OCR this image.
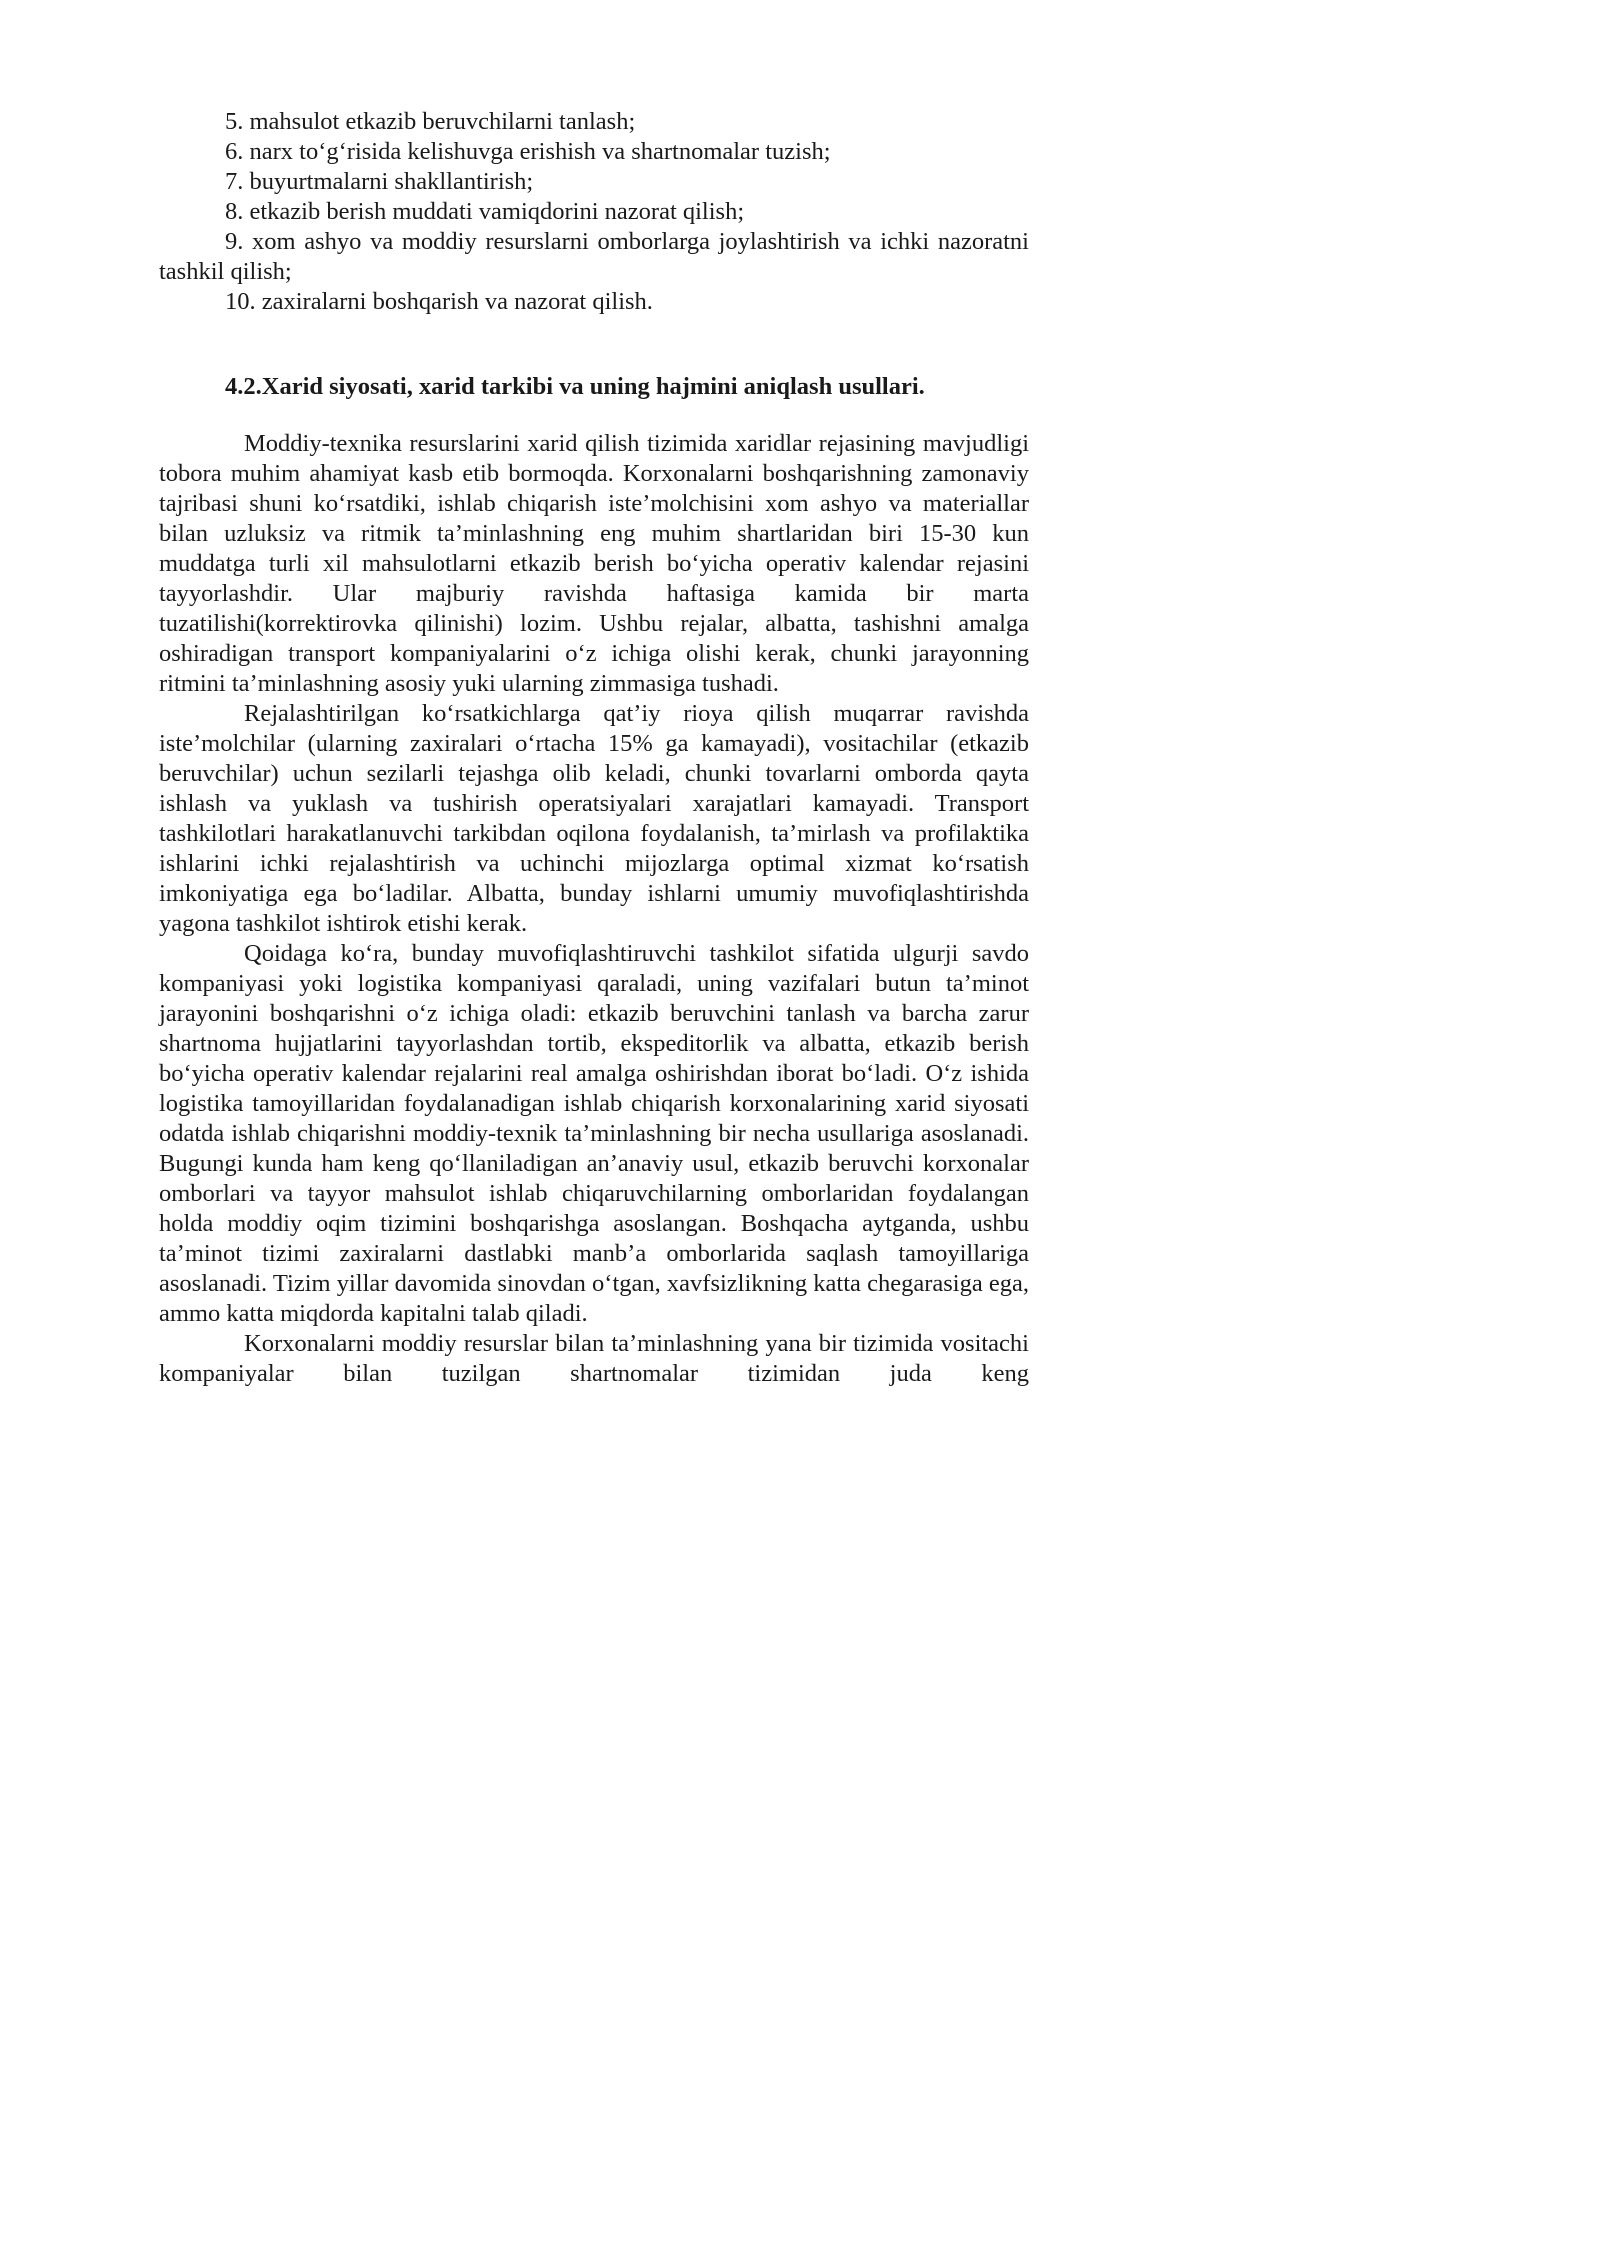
5. mahsulot etkazib beruvchilarni tanlash;

6. narx to‘g‘risida kelishuvga erishish va shartnomalar tuzish;

7. buyurtmalarni shakllantirish;

8. etkazib berish muddati vamiqdorini nazorat qilish;

9. xom ashyo va moddiy resurslarni omborlarga joylashtirish va ichki nazoratni tashkil qilish;

10. zaxiralarni boshqarish va nazorat qilish.

4.2.Xarid siyosati, xarid tarkibi va uning hajmini aniqlash usullari.

Moddiy-texnika resurslarini xarid qilish tizimida xaridlar rejasining mavjudligi tobora muhim ahamiyat kasb etib bormoqda. Korxonalarni boshqarishning zamonaviy tajribasi shuni ko‘rsatdiki, ishlab chiqarish iste’molchisini xom ashyo va materiallar bilan uzluksiz va ritmik ta’minlashning eng muhim shartlaridan biri 15-30 kun muddatga turli xil mahsulotlarni etkazib berish bo‘yicha operativ kalendar rejasini tayyorlashdir. Ular majburiy ravishda haftasiga kamida bir marta tuzatilishi(korrektirovka qilinishi) lozim. Ushbu rejalar, albatta, tashishni amalga oshiradigan transport kompaniyalarini o‘z ichiga olishi kerak, chunki jarayonning ritmini ta’minlashning asosiy yuki ularning zimmasiga tushadi.

Rejalashtirilgan ko‘rsatkichlarga qat’iy rioya qilish muqarrar ravishda iste’molchilar (ularning zaxiralari o‘rtacha 15% ga kamayadi), vositachilar (etkazib beruvchilar) uchun sezilarli tejashga olib keladi, chunki tovarlarni omborda qayta ishlash va yuklash va tushirish operatsiyalari xarajatlari kamayadi. Transport tashkilotlari harakatlanuvchi tarkibdan oqilona foydalanish, ta’mirlash va profilaktika ishlarini ichki rejalashtirish va uchinchi mijozlarga optimal xizmat ko‘rsatish imkoniyatiga ega bo‘ladilar. Albatta, bunday ishlarni umumiy muvofiqlashtirishda yagona tashkilot ishtirok etishi kerak.

Qoidaga ko‘ra, bunday muvofiqlashtiruvchi tashkilot sifatida ulgurji savdo kompaniyasi yoki logistika kompaniyasi qaraladi, uning vazifalari butun ta’minot jarayonini boshqarishni o‘z ichiga oladi: etkazib beruvchini tanlash va barcha zarur shartnoma hujjatlarini tayyorlashdan tortib, ekspeditorlik va albatta, etkazib berish bo‘yicha operativ kalendar rejalarini real amalga oshirishdan iborat bo‘ladi. O‘z ishida logistika tamoyillaridan foydalanadigan ishlab chiqarish korxonalarining xarid siyosati odatda ishlab chiqarishni moddiy-texnik ta’minlashning bir necha usullariga asoslanadi. Bugungi kunda ham keng qo‘llaniladigan an’anaviy usul, etkazib beruvchi korxonalar omborlari va tayyor mahsulot ishlab chiqaruvchilarning omborlaridan foydalangan holda moddiy oqim tizimini boshqarishga asoslangan. Boshqacha aytganda, ushbu ta’minot tizimi zaxiralarni dastlabki manb’a omborlarida saqlash tamoyillariga asoslanadi. Tizim yillar davomida sinovdan o‘tgan, xavfsizlikning katta chegarasiga ega, ammo katta miqdorda kapitalni talab qiladi.

Korxonalarni moddiy resurslar bilan ta’minlashning yana bir tizimida vositachi kompaniyalar bilan tuzilgan shartnomalar tizimidan juda keng
